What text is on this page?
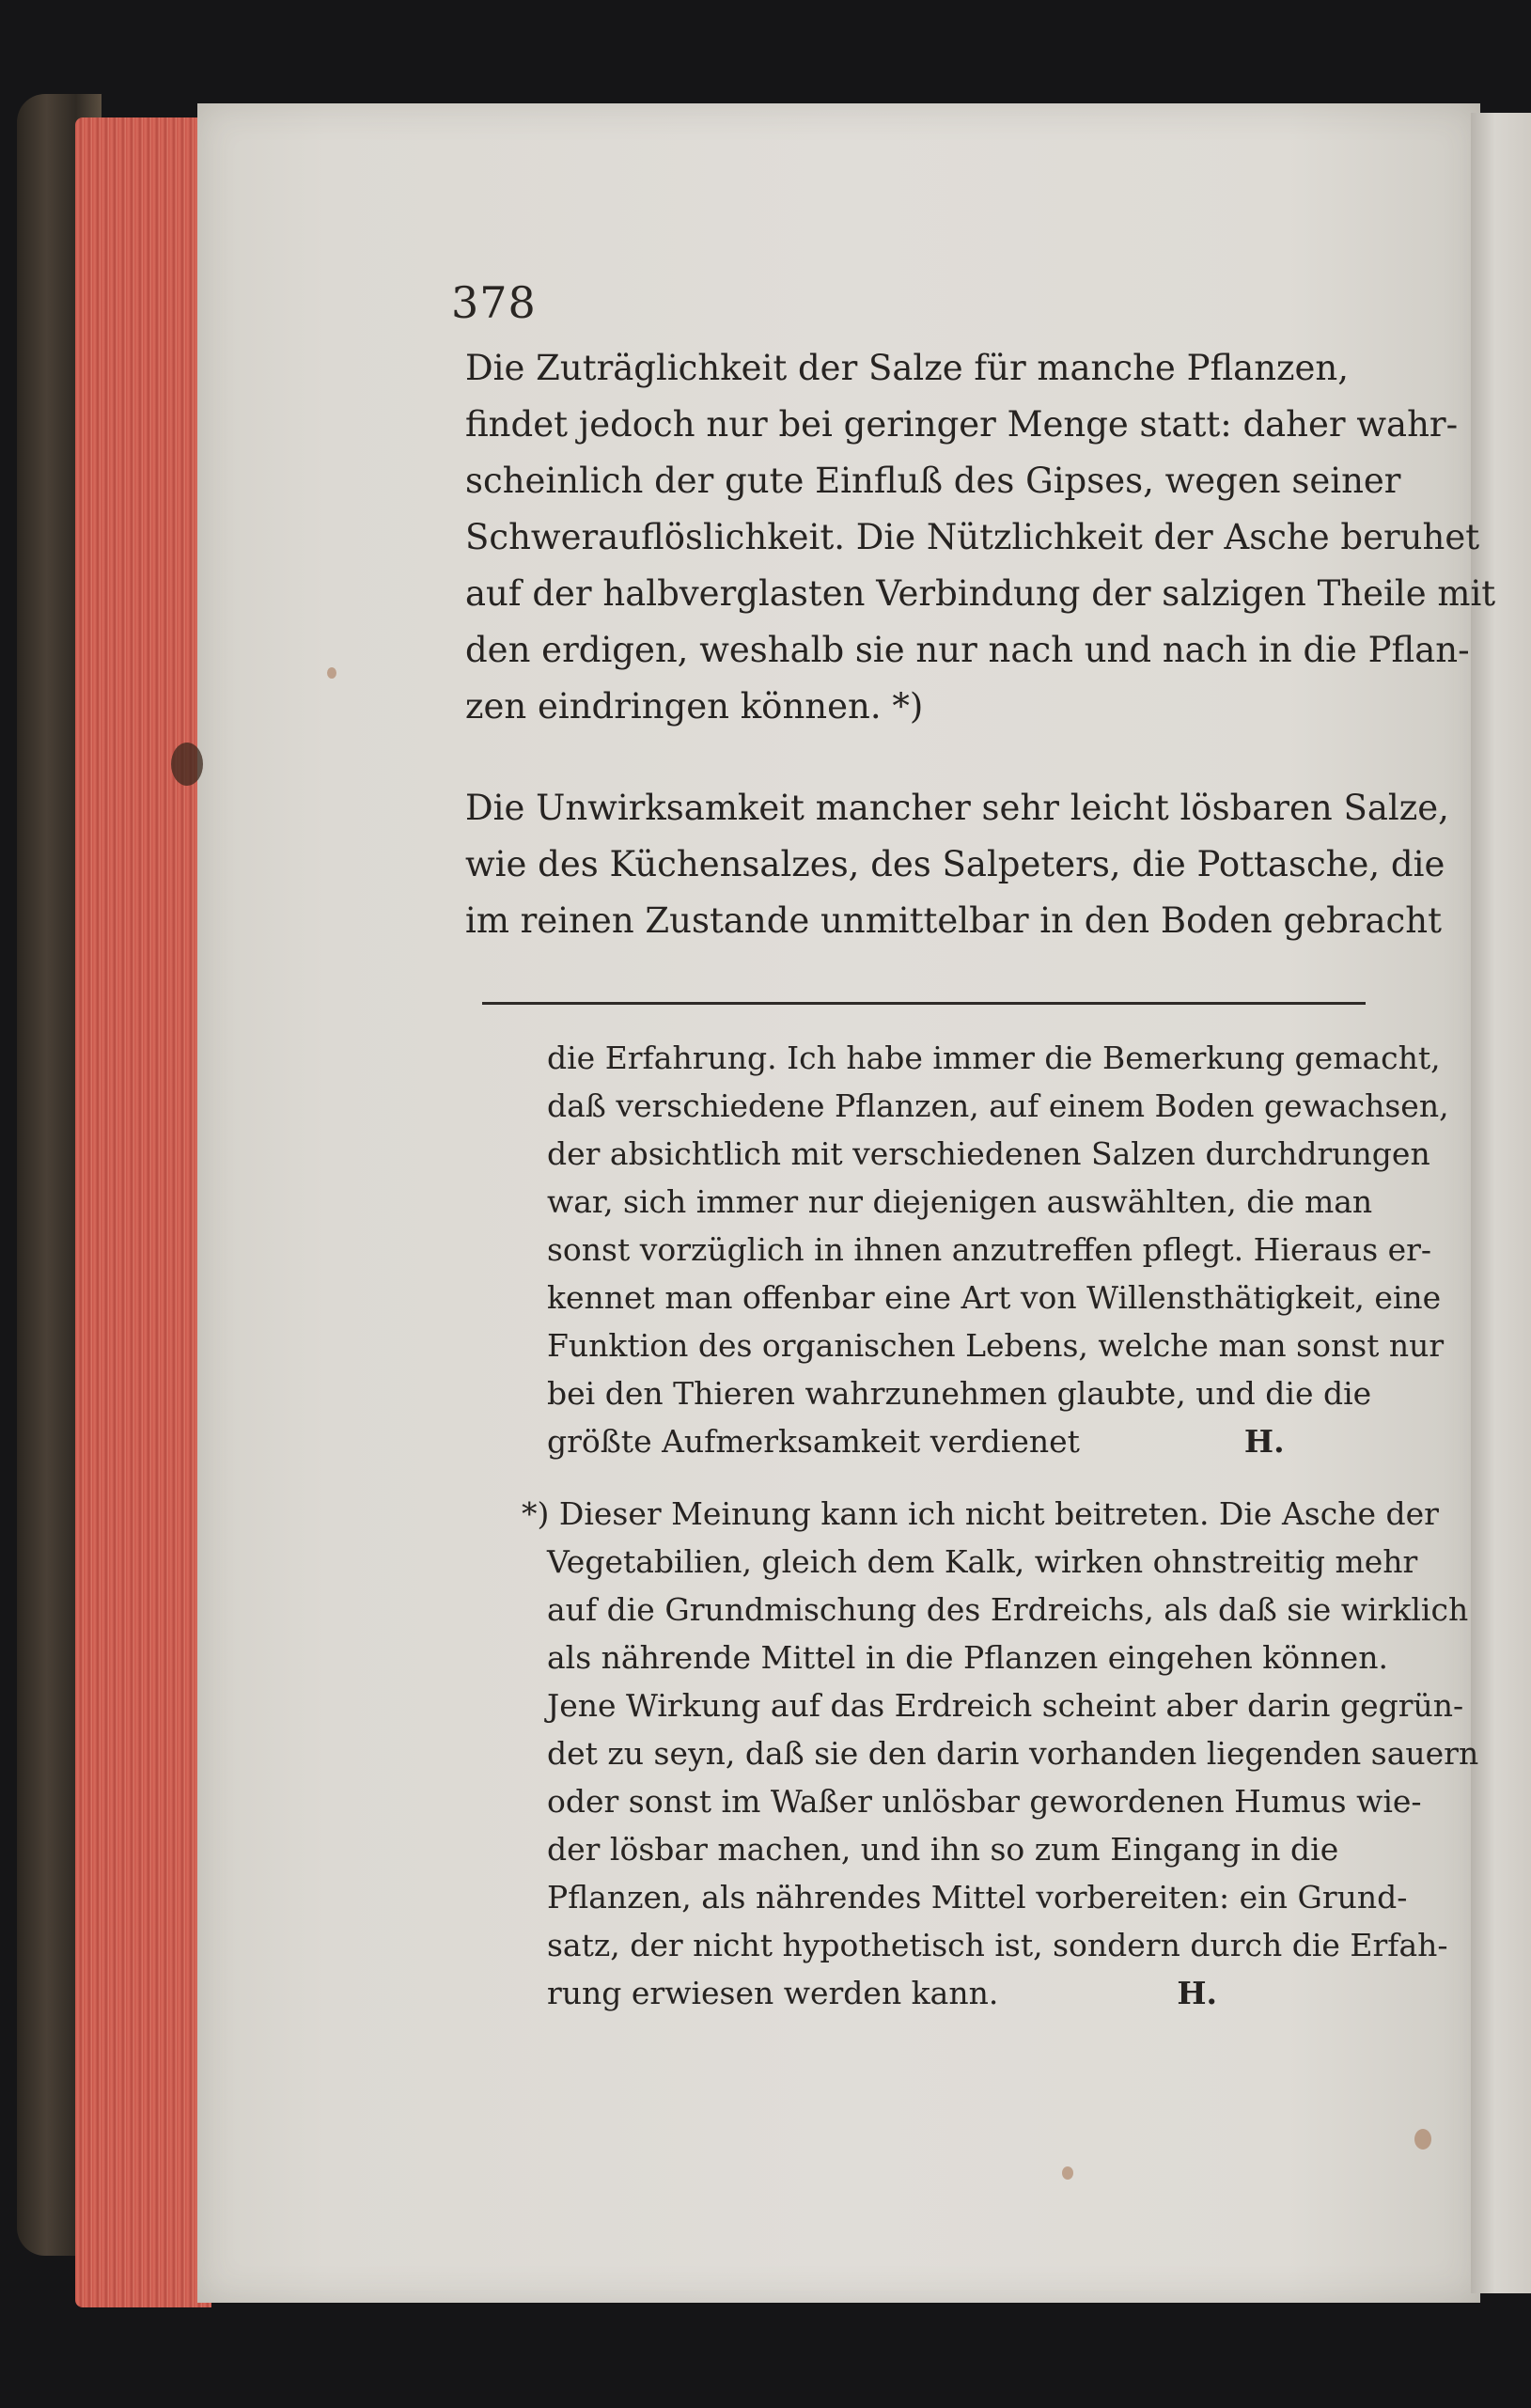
378
Die Zuträglichkeit der Salze für manche Pflanzen,
findet jedoch nur bei geringer Menge statt: daher wahr-
scheinlich der gute Einfluß des Gipses, wegen seiner
Schwerauflöslichkeit. Die Nützlichkeit der Asche beruhet
auf der halbverglasten Verbindung der salzigen Theile mit
den erdigen, weshalb sie nur nach und nach in die Pflan-
zen eindringen können. *)
Die Unwirksamkeit mancher sehr leicht lösbaren Salze,
wie des Küchensalzes, des Salpeters, die Pottasche, die
im reinen Zustande unmittelbar in den Boden gebracht
die Erfahrung. Ich habe immer die Bemerkung gemacht,
daß verschiedene Pflanzen, auf einem Boden gewachsen,
der absichtlich mit verschiedenen Salzen durchdrungen
war, sich immer nur diejenigen auswählten, die man
sonst vorzüglich in ihnen anzutreffen pflegt. Hieraus er-
kennet man offenbar eine Art von Willensthätigkeit, eine
Funktion des organischen Lebens, welche man sonst nur
bei den Thieren wahrzunehmen glaubte, und die die
größte Aufmerksamkeit verdienet	H.
*) Dieser Meinung kann ich nicht beitreten. Die Asche der
Vegetabilien, gleich dem Kalk, wirken ohnstreitig mehr
auf die Grundmischung des Erdreichs, als daß sie wirklich
als nährende Mittel in die Pflanzen eingehen können.
Jene Wirkung auf das Erdreich scheint aber darin gegrün-
det zu seyn, daß sie den darin vorhanden liegenden sauern
oder sonst im Waßer unlösbar gewordenen Humus wie-
der lösbar machen, und ihn so zum Eingang in die
Pflanzen, als nährendes Mittel vorbereiten: ein Grund-
satz, der nicht hypothetisch ist, sondern durch die Erfah-
rung erwiesen werden kann.	H.
